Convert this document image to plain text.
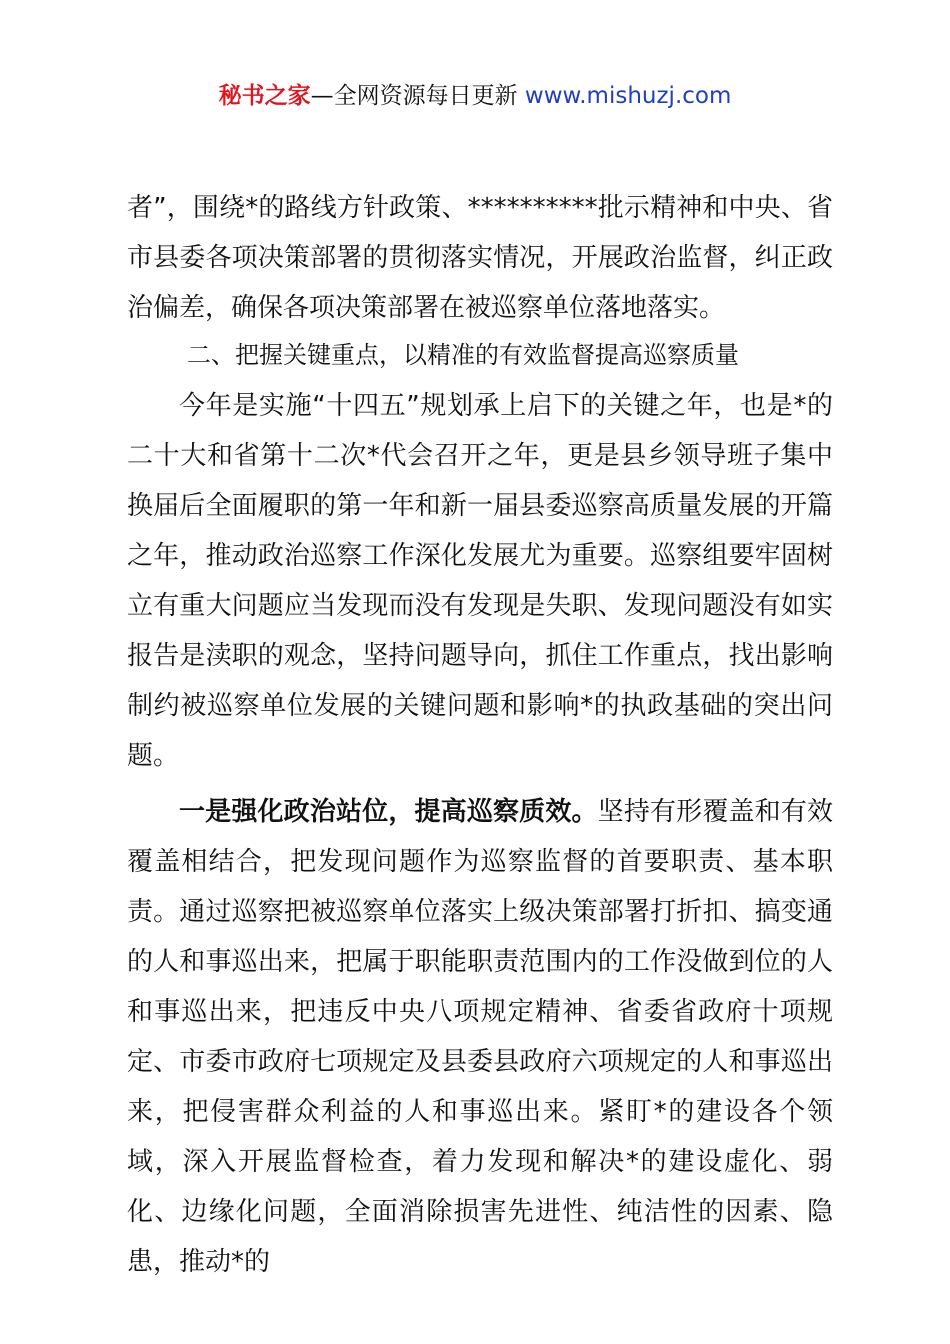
秘书之家—全网资源每日更新 www.mishuzj.com

者”，围绕*的路线方针政策、**********批示精神和中央、省市县委各项决策部署的贯彻落实情况，开展政治监督，纠正政治偏差，确保各项决策部署在被巡察单位落地落实。

二、把握关键重点，以精准的有效监督提高巡察质量

今年是实施“十四五”规划承上启下的关键之年，也是*的二十大和省第十二次*代会召开之年，更是县乡领导班子集中换届后全面履职的第一年和新一届县委巡察高质量发展的开篇之年，推动政治巡察工作深化发展尤为重要。巡察组要牢固树立有重大问题应当发现而没有发现是失职、发现问题没有如实报告是渎职的观念，坚持问题导向，抓住工作重点，找出影响制约被巡察单位发展的关键问题和影响*的执政基础的突出问题。

一是强化政治站位，提高巡察质效。坚持有形覆盖和有效覆盖相结合，把发现问题作为巡察监督的首要职责、基本职责。通过巡察把被巡察单位落实上级决策部署打折扣、搞变通的人和事巡出来，把属于职能职责范围内的工作没做到位的人和事巡出来，把违反中央八项规定精神、省委省政府十项规定、市委市政府七项规定及县委县政府六项规定的人和事巡出来，把侵害群众利益的人和事巡出来。紧盯*的建设各个领域，深入开展监督检查，着力发现和解决*的建设虚化、弱化、边缘化问题，全面消除损害先进性、纯洁性的因素、隐患，推动*的
